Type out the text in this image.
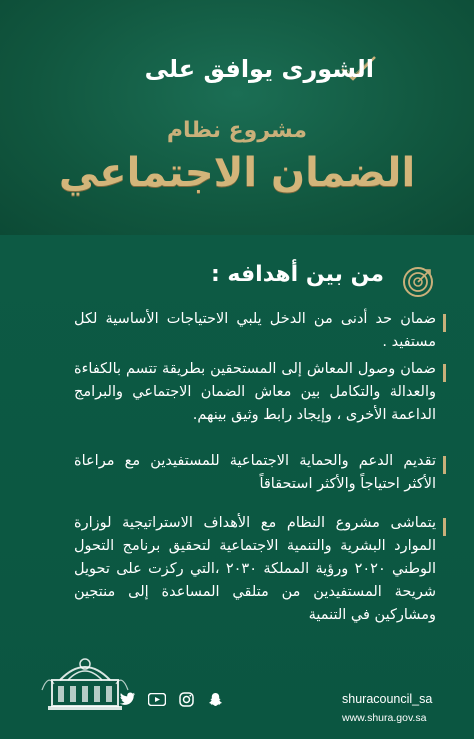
الشورى يوافق على
مشروع نظام
الضمان الاجتماعي
من بين أهدافه :
ضمان حد أدنى من الدخل يلبي الاحتياجات الأساسية لكل مستفيد .
ضمان وصول المعاش إلى المستحقين بطريقة تتسم بالكفاءة والعدالة والتكامل بين معاش الضمان الاجتماعي والبرامج الداعمة الأخرى ، وإيجاد رابط وثيق بينهم.
تقديم الدعم والحماية الاجتماعية للمستفيدين مع مراعاة الأكثر احتياجاً والأكثر استحقاقاً
يتماشى مشروع النظام مع الأهداف الاستراتيجية لوزارة الموارد البشرية والتنمية الاجتماعية لتحقيق برنامج التحول الوطني ٢٠٢٠ ورؤية المملكة ٢٠٣٠ ،التي ركزت على تحويل شريحة المستفيدين من متلقي المساعدة إلى منتجين ومشاركين في التنمية
shuracouncil_sa
www.shura.gov.sa
